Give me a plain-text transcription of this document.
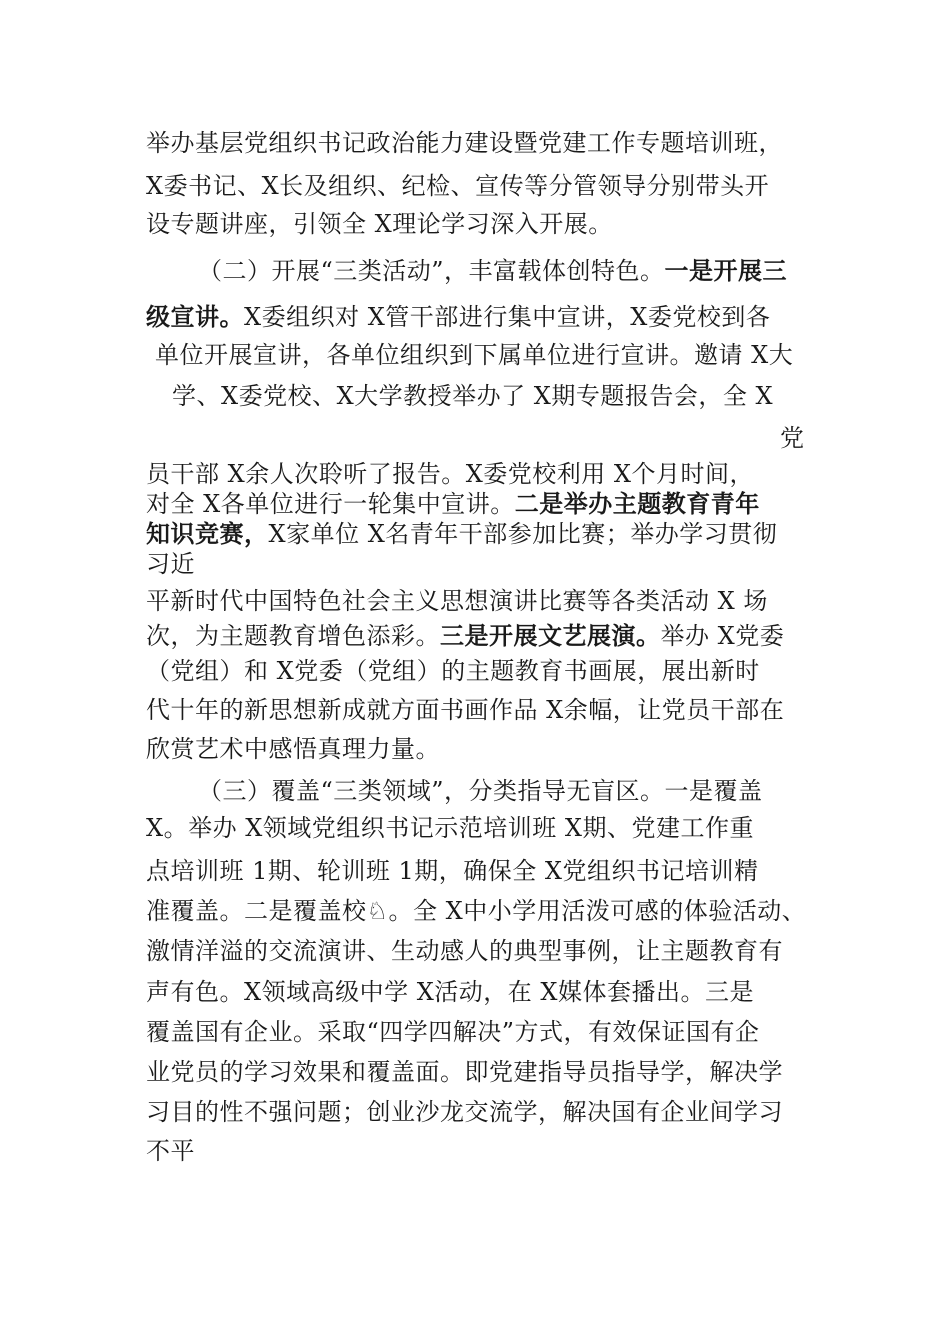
举办基层党组织书记政治能力建设暨党建工作专题培训班，
X委书记、X长及组织、纪检、宣传等分管领导分别带头开
设专题讲座，引领全 X理论学习深入开展。
（二）开展“三类活动”，丰富载体创特色。一是开展三
级宣讲。X委组织对 X管干部进行集中宣讲，X委党校到各
单位开展宣讲，各单位组织到下属单位进行宣讲。邀请 X大
学、X委党校、X大学教授举办了 X期专题报告会，全 X
党
员干部 X余人次聆听了报告。X委党校利用 X个月时间，
对全 X各单位进行一轮集中宣讲。二是举办主题教育青年
知识竞赛，X家单位 X名青年干部参加比赛；举办学习贯彻
习近
平新时代中国特色社会主义思想演讲比赛等各类活动 X 场
次，为主题教育增色添彩。三是开展文艺展演。举办 X党委
（党组）和 X党委（党组）的主题教育书画展，展出新时
代十年的新思想新成就方面书画作品 X余幅，让党员干部在
欣赏艺术中感悟真理力量。
（三）覆盖“三类领域”，分类指导无盲区。一是覆盖
X。举办 X领域党组织书记示范培训班 X期、党建工作重
点培训班 1期、轮训班 1期，确保全 X党组织书记培训精
准覆盖。二是覆盖校♘。全 X中小学用活泼可感的体验活动、
激情洋溢的交流演讲、生动感人的典型事例，让主题教育有
声有色。X领域高级中学 X活动，在 X媒体套播出。三是
覆盖国有企业。采取“四学四解决”方式，有效保证国有企
业党员的学习效果和覆盖面。即党建指导员指导学，解决学
习目的性不强问题；创业沙龙交流学，解决国有企业间学习
不平
